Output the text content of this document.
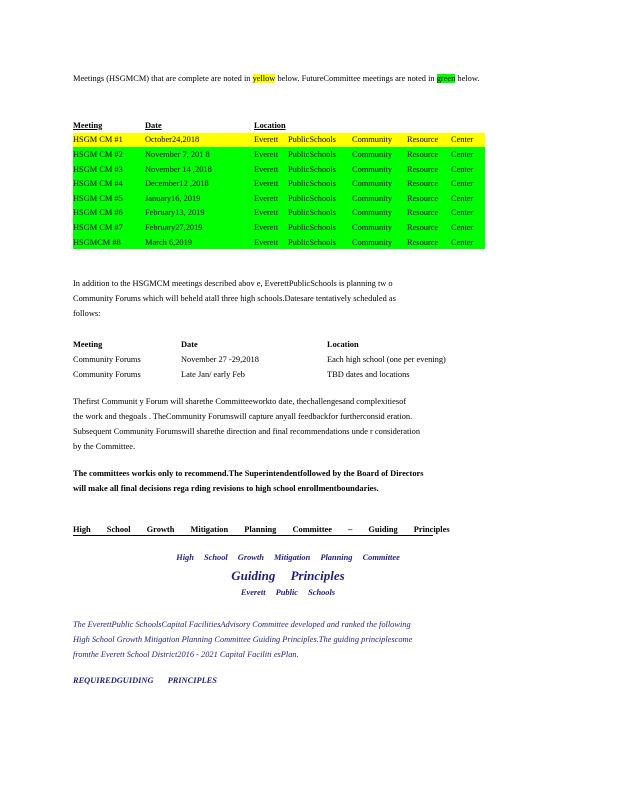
Meetings (HSGMCM) that are complete are noted in yellow below. FutureCommittee meetings are noted in green below.
Meeting	Date	Location				
HSGM CM #1	October24,2018	Everett	PublicSchools	Community	Resource	Center
HSGM CM #2	November 7, 201 8	Everett	PublicSchools	Community	Resource	Center
HSGM CM #3	November 14 ,2018	Everett	PublicSchools	Community	Resource	Center
HSGM CM #4	December12 ,2018	Everett	PublicSchools	Community	Resource	Center
HSGM CM #5	January16, 2019	Everett	PublicSchools	Community	Resource	Center
HSGM CM #6	February13, 2019	Everett	PublicSchools	Community	Resource	Center
HSGM CM #7	February27,2019	Everett	PublicSchools	Community	Resource	Center
HSGMCM #8	March 6,2019	Everett	PublicSchools	Community	Resource	Center
In addition to the HSGMCM meetings described abov e, EverettPublicSchools is planning tw o
Community Forums which will beheld atall three high schools.Datesare tentatively scheduled as
follows:
Meeting	Date	Location
Community Forums	November 27 -29,2018	Each high school (one per evening)
Community Forums	Late Jan/ early Feb	TBD dates and locations
Thefirst Communit y Forum will sharethe Committeeworkto date, thechallengesand complexitiesof
the work and thegoals . TheCommunity Forumswill capture anyall feedbackfor furtherconsid eration.
Subsequent Community Forumswill sharethe direction and final recommendations unde r consideration
by the Committee.
The committees workis only to recommend.The Superintendentfollowed by the Board of Directors
will make all final decisions rega rding revisions to high school enrollmentboundaries.
High School Growth Mitigation Planning Committee – Guiding Principles
High School Growth Mitigation Planning Committee
Guiding Principles
Everett Public Schools
The EverettPublic SchoolsCapital FacilitiesAdvisory Committee developed and ranked the following
High School Growth Mitigation Planning Committee Guiding Principles.The guiding principlescome
fromthe Everett School District2016 - 2021 Capital Faciliti esPlan.
REQUIREDGUIDING PRINCIPLES
